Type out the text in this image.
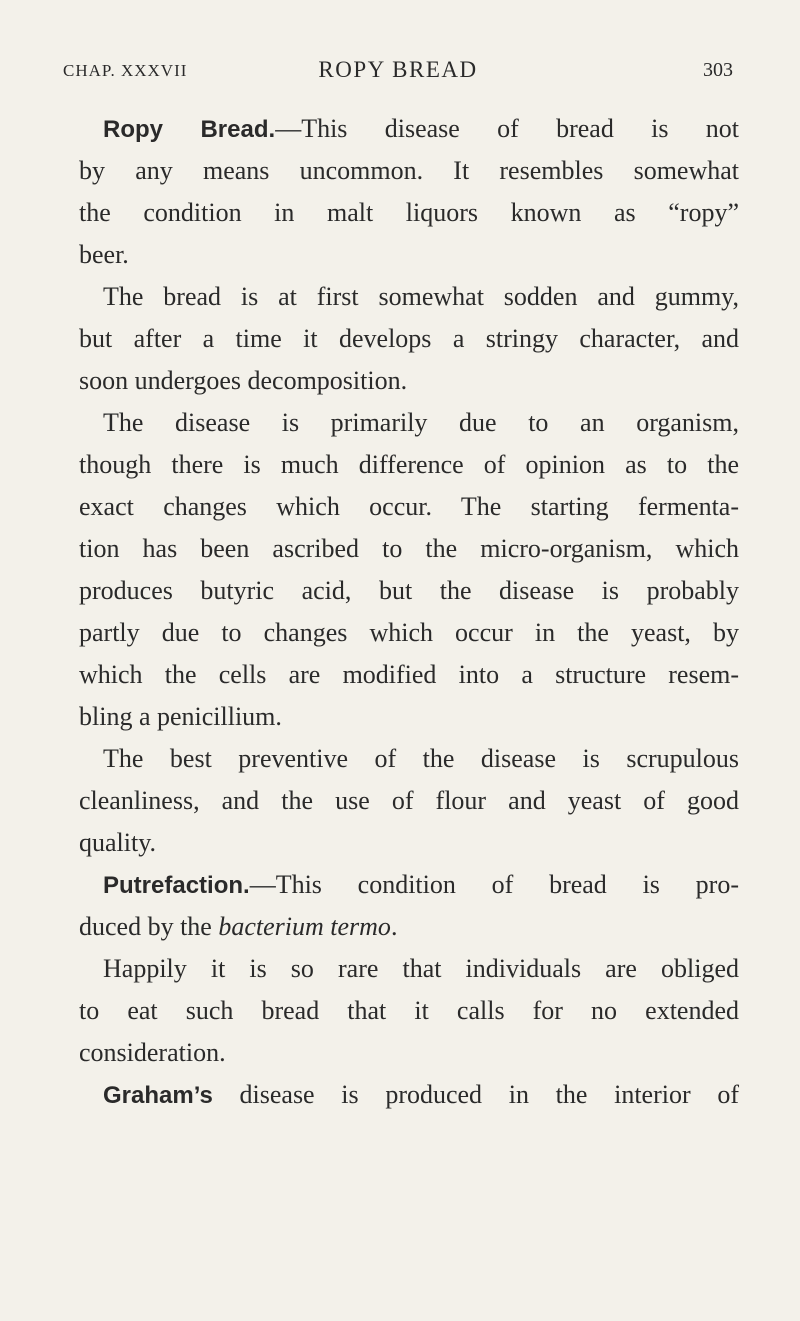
CHAP. XXXVII	ROPY BREAD	303
Ropy Bread.—This disease of bread is not
by any means uncommon. It resembles somewhat
the condition in malt liquors known as “ropy”
beer.
The bread is at first somewhat sodden and gummy,
but after a time it develops a stringy character, and
soon undergoes decomposition.
The disease is primarily due to an organism,
though there is much difference of opinion as to the
exact changes which occur. The starting fermenta-
tion has been ascribed to the micro-organism, which
produces butyric acid, but the disease is probably
partly due to changes which occur in the yeast, by
which the cells are modified into a structure resem-
bling a penicillium.
The best preventive of the disease is scrupulous
cleanliness, and the use of flour and yeast of good
quality.
Putrefaction.—This condition of bread is pro-
duced by the bacterium termo.
Happily it is so rare that individuals are obliged
to eat such bread that it calls for no extended
consideration.
Graham’s disease is produced in the interior of
